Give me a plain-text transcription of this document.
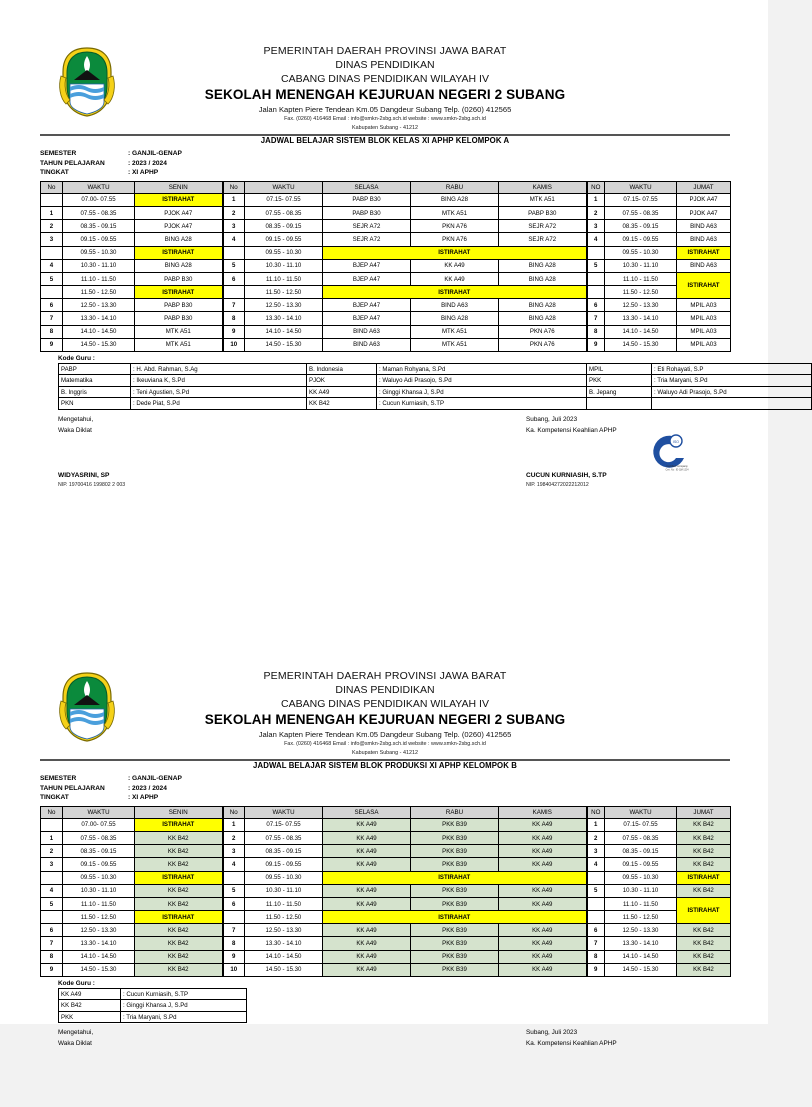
PEMERINTAH DAERAH PROVINSI JAWA BARAT
DINAS PENDIDIKAN
CABANG DINAS PENDIDIKAN WILAYAH IV
SEKOLAH MENENGAH KEJURUAN NEGERI 2 SUBANG
Jalan Kapten Piere Tendean Km.05 Dangdeur Subang Telp. (0260) 412565
Fax. (0260) 416468 Email : info@smkn-2sbg.sch.id website : www.smkn-2sbg.sch.id
Kabupaten Subang - 41212
JADWAL BELAJAR SISTEM BLOK KELAS XI APHP KELOMPOK A
SEMESTER	: GANJIL-GENAP
TAHUN PELAJARAN	: 2023 / 2024
TINGKAT	: XI APHP
No	WAKTU	SENIN	No	WAKTU	SELASA	RABU	KAMIS	NO	WAKTU	JUMAT
	07.00- 07.55	ISTIRAHAT	1	07.15- 07.55	PABP B30	BING A28	MTK A51	1	07.15- 07.55	PJOK A47
1	07.55 - 08.35	PJOK A47	2	07.55 - 08.35	PABP B30	MTK A51	PABP B30	2	07.55 - 08.35	PJOK A47
2	08.35 - 09.15	PJOK A47	3	08.35 - 09.15	SEJR A72	PKN A76	SEJR A72	3	08.35 - 09.15	BIND A63
3	09.15 - 09.55	BING A28	4	09.15 - 09.55	SEJR A72	PKN A76	SEJR A72	4	09.15 - 09.55	BIND A63
	09.55 - 10.30	ISTIRAHAT		09.55 - 10.30	ISTIRAHAT				09.55 - 10.30	ISTIRAHAT
4	10.30 - 11.10	BING A28	5	10.30 - 11.10	BJEP A47	KK A49	BING A28	5	10.30 - 11.10	BIND A63
5	11.10 - 11.50	PABP B30	6	11.10 - 11.50	BJEP A47	KK A49	BING A28		11.10 - 11.50	ISTIRAHAT
	11.50 - 12.50	ISTIRAHAT		11.50 - 12.50	ISTIRAHAT				11.50 - 12.50	
6	12.50 - 13.30	PABP B30	7	12.50 - 13.30	BJEP A47	BIND A63	BING A28	6	12.50 - 13.30	MPIL A03
7	13.30 - 14.10	PABP B30	8	13.30 - 14.10	BJEP A47	BING A28	BING A28	7	13.30 - 14.10	MPIL A03
8	14.10 - 14.50	MTK A51	9	14.10 - 14.50	BIND A63	MTK A51	PKN A76	8	14.10 - 14.50	MPIL A03
9	14.50 - 15.30	MTK A51	10	14.50 - 15.30	BIND A63	MTK A51	PKN A76	9	14.50 - 15.30	MPIL A03
Kode Guru :
PABP	: H. Abd. Rahman, S.Ag	B. Indonesia	: Maman Rohyana, S.Pd	MPIL	: Eti Rohayati, S.P
Matematika	: Ikeuviana K, S.Pd	PJOK	: Waluyo Adi Prasojo, S.Pd	PKK	: Tria Maryani, S.Pd
B. Inggris	: Teni Agustien, S.Pd	KK A49	: Ginggi Khansa J, S.Pd	B. Jepang	: Waluyo Adi Prasojo, S.Pd
PKN	: Dede Piat, S.Pd	KK B42	: Cucun Kurniasih, S.TP		
Mengetahui,
Waka Diklat
WIDYASRINI, SP
NIP. 19700416 199802 2 003
Subang, Juli 2023
Ka. Kompetensi Keahlian APHP
CUCUN KURNIASIH, S.TP
NIP. 198404272022212012
ISO
Certified Company
Cert. No : ID-QM-1234
PEMERINTAH DAERAH PROVINSI JAWA BARAT
DINAS PENDIDIKAN
CABANG DINAS PENDIDIKAN WILAYAH IV
SEKOLAH MENENGAH KEJURUAN NEGERI 2 SUBANG
Jalan Kapten Piere Tendean Km.05 Dangdeur Subang Telp. (0260) 412565
Fax. (0260) 416468 Email : info@smkn-2sbg.sch.id website : www.smkn-2sbg.sch.id
Kabupaten Subang - 41212
JADWAL BELAJAR SISTEM BLOK PRODUKSI XI APHP KELOMPOK B
SEMESTER	: GANJIL-GENAP
TAHUN PELAJARAN	: 2023 / 2024
TINGKAT	: XI APHP
No	WAKTU	SENIN	No	WAKTU	SELASA	RABU	KAMIS	NO	WAKTU	JUMAT
	07.00- 07.55	ISTIRAHAT	1	07.15- 07.55	KK A49	PKK B39	KK A49	1	07.15- 07.55	KK B42
1	07.55 - 08.35	KK B42	2	07.55 - 08.35	KK A49	PKK B39	KK A49	2	07.55 - 08.35	KK B42
2	08.35 - 09.15	KK B42	3	08.35 - 09.15	KK A49	PKK B39	KK A49	3	08.35 - 09.15	KK B42
3	09.15 - 09.55	KK B42	4	09.15 - 09.55	KK A49	PKK B39	KK A49	4	09.15 - 09.55	KK B42
	09.55 - 10.30	ISTIRAHAT		09.55 - 10.30	ISTIRAHAT				09.55 - 10.30	ISTIRAHAT
4	10.30 - 11.10	KK B42	5	10.30 - 11.10	KK A49	PKK B39	KK A49	5	10.30 - 11.10	KK B42
5	11.10 - 11.50	KK B42	6	11.10 - 11.50	KK A49	PKK B39	KK A49		11.10 - 11.50	ISTIRAHAT
	11.50 - 12.50	ISTIRAHAT		11.50 - 12.50	ISTIRAHAT				11.50 - 12.50	
6	12.50 - 13.30	KK B42	7	12.50 - 13.30	KK A49	PKK B39	KK A49	6	12.50 - 13.30	KK B42
7	13.30 - 14.10	KK B42	8	13.30 - 14.10	KK A49	PKK B39	KK A49	7	13.30 - 14.10	KK B42
8	14.10 - 14.50	KK B42	9	14.10 - 14.50	KK A49	PKK B39	KK A49	8	14.10 - 14.50	KK B42
9	14.50 - 15.30	KK B42	10	14.50 - 15.30	KK A49	PKK B39	KK A49	9	14.50 - 15.30	KK B42
Kode Guru :
KK A49	: Cucun Kurniasih, S.TP
KK B42	: Ginggi Khansa J, S.Pd
PKK	: Tria Maryani, S.Pd
Mengetahui,
Waka Diklat
Subang, Juli 2023
Ka. Kompetensi Keahlian APHP
